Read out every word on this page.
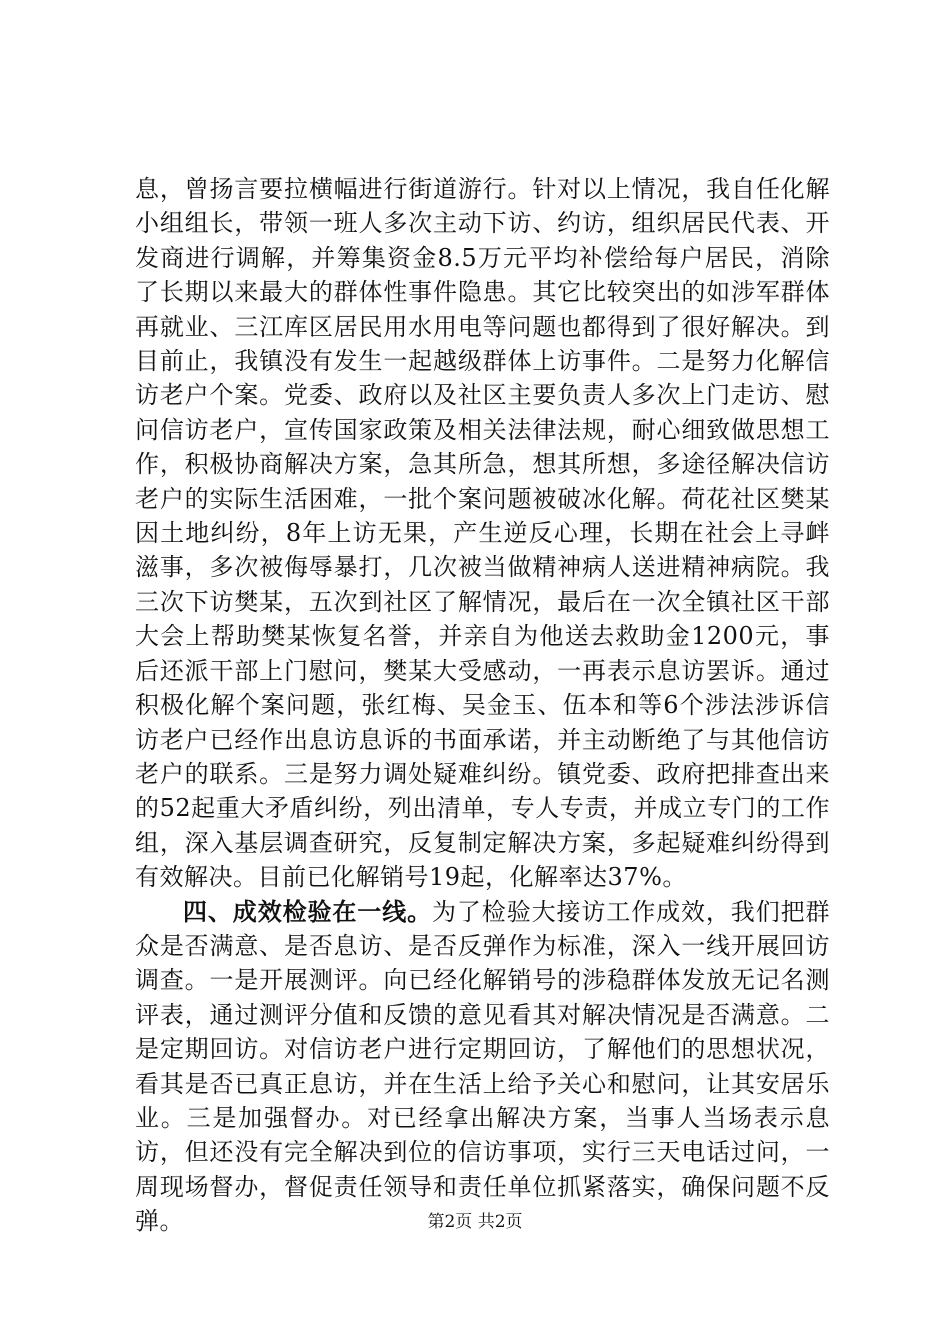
息，曾扬言要拉横幅进行街道游行。针对以上情况，我自任化解小组组长，带领一班人多次主动下访、约访，组织居民代表、开发商进行调解，并筹集资金8.5万元平均补偿给每户居民，消除了长期以来最大的群体性事件隐患。其它比较突出的如涉军群体再就业、三江库区居民用水用电等问题也都得到了很好解决。到目前止，我镇没有发生一起越级群体上访事件。二是努力化解信访老户个案。党委、政府以及社区主要负责人多次上门走访、慰问信访老户，宣传国家政策及相关法律法规，耐心细致做思想工作，积极协商解决方案，急其所急，想其所想，多途径解决信访老户的实际生活困难，一批个案问题被破冰化解。荷花社区樊某因土地纠纷，8年上访无果，产生逆反心理，长期在社会上寻衅滋事，多次被侮辱暴打，几次被当做精神病人送进精神病院。我三次下访樊某，五次到社区了解情况，最后在一次全镇社区干部大会上帮助樊某恢复名誉，并亲自为他送去救助金1200元，事后还派干部上门慰问，樊某大受感动，一再表示息访罢诉。通过积极化解个案问题，张红梅、吴金玉、伍本和等6个涉法涉诉信访老户已经作出息访息诉的书面承诺，并主动断绝了与其他信访老户的联系。三是努力调处疑难纠纷。镇党委、政府把排查出来的52起重大矛盾纠纷，列出清单，专人专责，并成立专门的工作组，深入基层调查研究，反复制定解决方案，多起疑难纠纷得到有效解决。目前已化解销号19起，化解率达37%。

四、成效检验在一线。为了检验大接访工作成效，我们把群众是否满意、是否息访、是否反弹作为标准，深入一线开展回访调查。一是开展测评。向已经化解销号的涉稳群体发放无记名测评表，通过测评分值和反馈的意见看其对解决情况是否满意。二是定期回访。对信访老户进行定期回访，了解他们的思想状况，看其是否已真正息访，并在生活上给予关心和慰问，让其安居乐业。三是加强督办。对已经拿出解决方案，当事人当场表示息访，但还没有完全解决到位的信访事项，实行三天电话过问，一周现场督办，督促责任领导和责任单位抓紧落实，确保问题不反弹。	第2页 共2页
